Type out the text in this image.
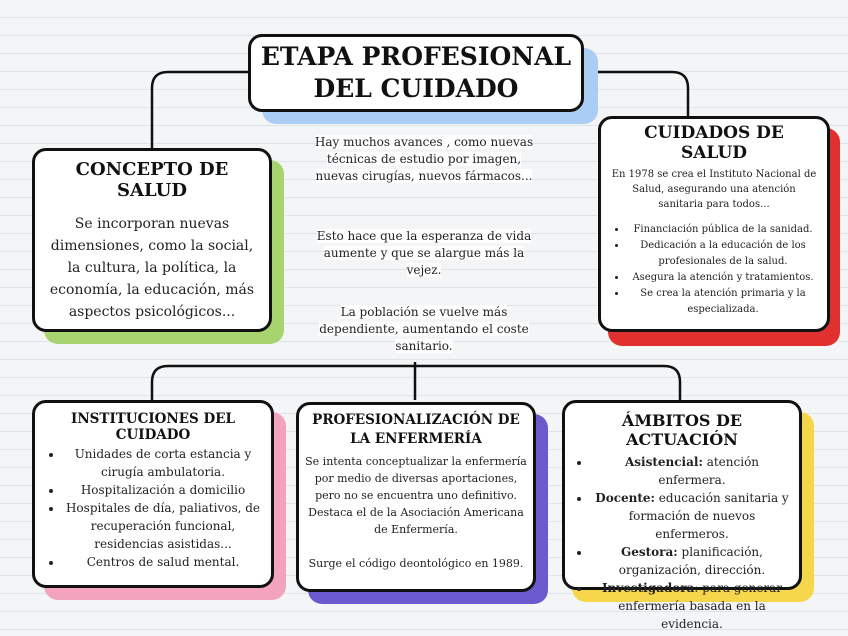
ETAPA PROFESIONAL

DEL CUIDADO

CONCEPTO DE SALUD

Se incorporan nuevas dimensiones, como la social, la cultura, la política, la economía, la educación, más aspectos psicológicos...

Hay muchos avances , como nuevas técnicas de estudio por imagen, nuevas cirugías, nuevos fármacos...

Esto hace que la esperanza de vida aumente y que se alargue más la vejez.

La población se vuelve más dependiente, aumentando el coste sanitario.

CUIDADOS DE SALUD

En 1978 se crea el Instituto Nacional de Salud, asegurando una atención sanitaria para todos...

• Financiación pública de la sanidad.
• Dedicación a la educación de los profesionales de la salud.
• Asegura la atención y tratamientos.
• Se crea la atención primaria y la especializada.

INSTITUCIONES DEL CUIDADO

• Unidades de corta estancia y cirugía ambulatoria.
• Hospitalización a domicilio
• Hospitales de día, paliativos, de recuperación funcional, residencias asistidas...
• Centros de salud mental.

PROFESIONALIZACIÓN DE LA ENFERMERÍA

Se intenta conceptualizar la enfermería por medio de diversas aportaciones, pero no se encuentra uno definitivo. Destaca el de la Asociación Americana de Enfermería.

Surge el código deontológico en 1989.

ÁMBITOS DE ACTUACIÓN

• Asistencial: atención enfermera.
• Docente: educación sanitaria y formación de nuevos enfermeros.
• Gestora: planificación, organización, dirección.
• Investigadora: para generar enfermería basada en la evidencia.
